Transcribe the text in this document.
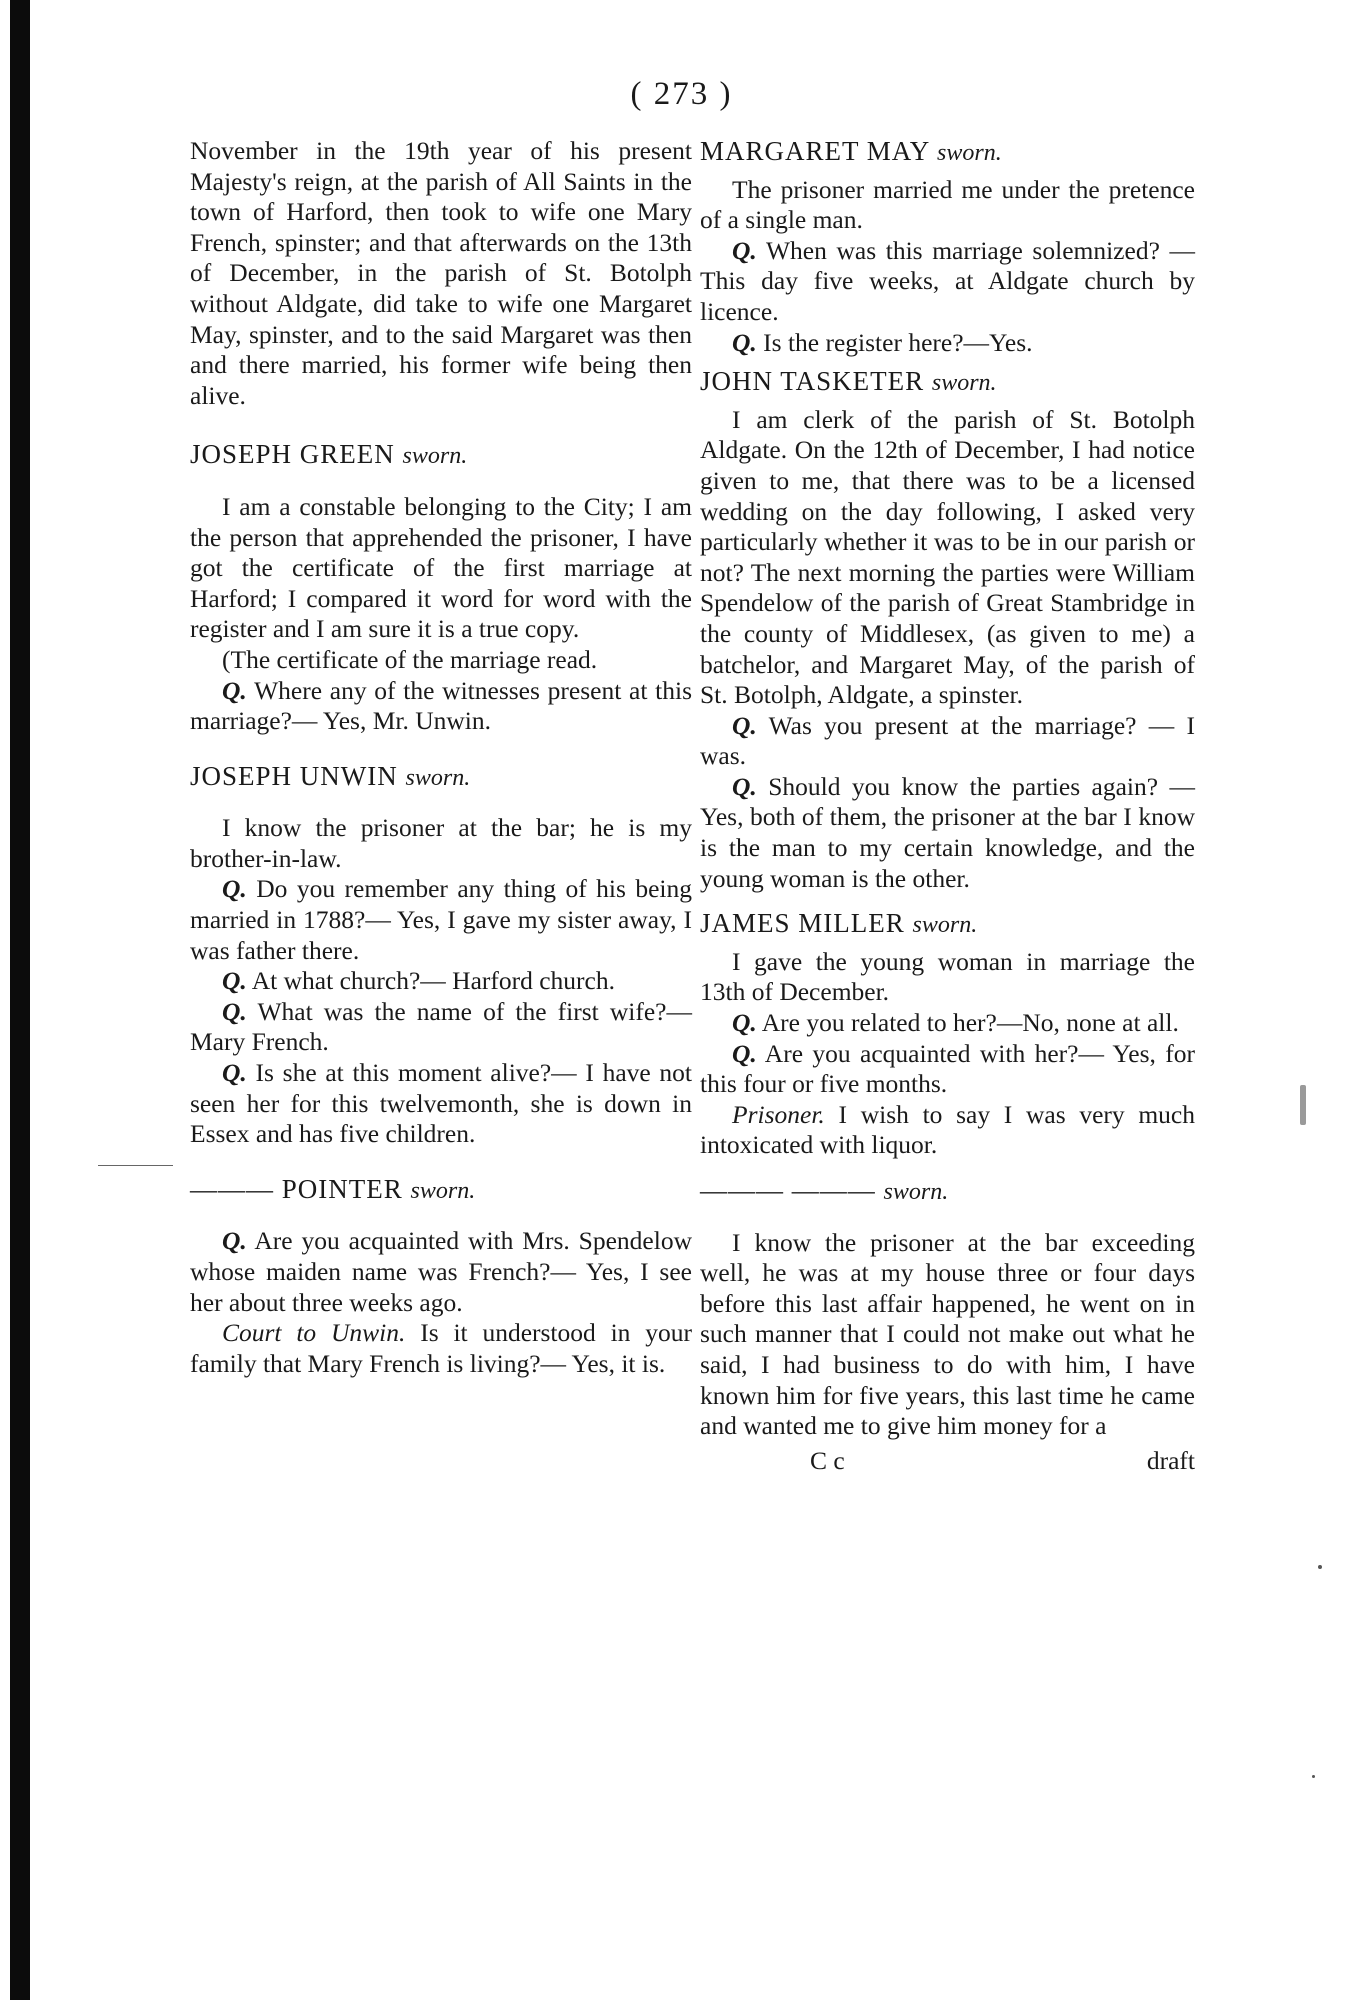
( 273 )

November in the 19th year of his present Majesty's reign, at the parish of All Saints in the town of Harford, then took to wife one Mary French, spinster; and that afterwards on the 13th of December, in the parish of St. Botolph without Aldgate, did take to wife one Margaret May, spinster, and to the said Margaret was then and there married, his former wife being then alive.

JOSEPH GREEN sworn.

I am a constable belonging to the City; I am the person that apprehended the prisoner, I have got the certificate of the first marriage at Harford; I compared it word for word with the register and I am sure it is a true copy.

(The certificate of the marriage read.

Q. Where any of the witnesses present at this marriage?— Yes, Mr. Unwin.

JOSEPH UNWIN sworn.

I know the prisoner at the bar; he is my brother-in-law.

Q. Do you remember any thing of his being married in 1788?— Yes, I gave my sister away, I was father there.

Q. At what church?— Harford church.

Q. What was the name of the first wife?— Mary French.

Q. Is she at this moment alive?— I have not seen her for this twelvemonth, she is down in Essex and has five children.

——— POINTER sworn.

Q. Are you acquainted with Mrs. Spendelow whose maiden name was French?— Yes, I see her about three weeks ago.

Court to Unwin. Is it understood in your family that Mary French is living?— Yes, it is.

MARGARET MAY sworn.

The prisoner married me under the pretence of a single man.

Q. When was this marriage solemnized? — This day five weeks, at Aldgate church by licence.

Q. Is the register here?—Yes.

JOHN TASKETER sworn.

I am clerk of the parish of St. Botolph Aldgate. On the 12th of December, I had notice given to me, that there was to be a licensed wedding on the day following, I asked very particularly whether it was to be in our parish or not? The next morning the parties were William Spendelow of the parish of Great Stambridge in the county of Middlesex, (as given to me) a batchelor, and Margaret May, of the parish of St. Botolph, Aldgate, a spinster.

Q. Was you present at the marriage? — I was.

Q. Should you know the parties again? — Yes, both of them, the prisoner at the bar I know is the man to my certain knowledge, and the young woman is the other.

JAMES MILLER sworn.

I gave the young woman in marriage the 13th of December.

Q. Are you related to her?—No, none at all.

Q. Are you acquainted with her?— Yes, for this four or five months.

Prisoner. I wish to say I was very much intoxicated with liquor.

——— ——— sworn.

I know the prisoner at the bar exceeding well, he was at my house three or four days before this last affair happened, he went on in such manner that I could not make out what he said, I had business to do with him, I have known him for five years, this last time he came and wanted me to give him money for a

C c	draft
